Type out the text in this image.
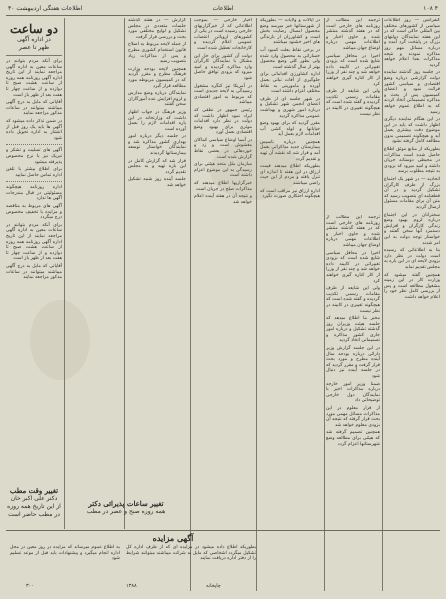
۴ ۱۰۸
اطلاعات
اطلاعات هفتگی اردیبهشت ۳۰

کنفرانس — روز اطلاعات سیاسی از کشورهای مختلف بین المللی حاکی است که در این هفته نمایندگان دولتهای بزرگ در پایتخت گرد آمده و درباره مسائل مهم روز مذاکره نمودند و نتیجه مذاکرات بعدا اعلام خواهد گردید

در جلسه روز گذشته نماینده دولت گزارشی درباره وضع اقتصادی و سیاسی کشور قرائت نمود و اعضای کمیسیون پس از بحث و مذاکره تصمیماتی اتخاذ کردند که به اطلاع عموم خواهد رسید

در این هنگام نماینده دیگری اظهار داشت که باید در این موضوع دقت بیشتری بعمل آید و هیچگونه تصمیمی بدون مطالعه کامل گرفته نشود

بطوریکه از منابع موثق اطلاع حاصل شده است مذاکرات در محیطی دوستانه جریان داشته و امید میرود که بزودی به نتیجه مطلوب برسد

اتحادیه — در شهر یک اجتماع بزرگ از طرف کارگران تشکیل گردید و در آن قطعنامه ای بتصویب رسید که متن آن برای مقامات مسئول ارسال گردید

سخنرانان در این اجتماع درباره لزوم بهبود وضع زندگی کارگران و افزایش دستمزد آنها سخن گفتند و خواستار توجه دولت به این امر شدند

بنا به اطلاعاتی که رسیده است دولت در نظر دارد بزودی لایحه ای در این باره به مجلس تقدیم نماید

همچنین گفته میشود که وزارت کار در این زمینه مشغول مطالعه است و پس از بررسی کامل نظر خود را اعلام خواهد داشت

ترجمه این مطالب از روزنامه های خارجی است که در هفته گذشته منتشر شده و حاوی اخبار و اطلاعات مهمی درباره اوضاع جهان میباشد

اخیرا در محافل سیاسی شایع شده است که بزودی تغییراتی در کابینه داده خواهد شد و چند نفر از وزرا از کار کناره گیری خواهند کرد

ولی این شایعه از طرف مقامات رسمی تکذیب گردیده و گفته شده است که هیچگونه تغییری در کابینه در نظر نیست

مخبر ما اطلاع میدهد که جلسه هیئت وزیران روز گذشته تشکیل و درباره امور جاری کشور مذاکره و تصمیماتی اتخاذ گردید

در این جلسه گزارش وزیر دارائی درباره بودجه سال آینده مطرح و مورد بحث قرار گرفت و مقرر گردید که در جلسه آینده نیز دنبال شود

ضمنا وزیر امور خارجه درباره مذاکرات اخیر با نمایندگان دول خارجی توضیحاتی داد

از قرار معلوم در این مذاکرات مسائل مهمی مورد بحث قرار گرفته که نتیجه آن بزودی معلوم خواهد شد

همچنین تصمیم گرفته شد که هیئتی برای مطالعه وضع شهرستانها اعزام گردد

ترجمه این مطالب از روزنامه های خارجی است که در هفته گذشته منتشر شده و حاوی اخبار و اطلاعات مهمی درباره اوضاع جهان میباشد

اخیرا در محافل سیاسی شایع شده است که بزودی تغییراتی در کابینه داده خواهد شد و چند نفر از وزرا از کار کناره گیری خواهند کرد

ولی این شایعه از طرف مقامات رسمی تکذیب گردیده و گفته شده است که هیچگونه تغییری در کابینه در نظر نیست

در ایالات و ولایات — بطوریکه از شهرستانها خبر میرسد وضع محصول امسال رضایت بخش است و کشاورزان از بارندگی های اخیر خشنود میباشند

در برخی نقاط بعلت کمبود آب خساراتی به محصول وارد شده ولی بطور کلی وضع محصول بهتر از سال گذشته است

اداره کشاورزی اقداماتی برای جلوگیری از آفات نباتی بعمل آورده و مامورینی به نقاط مختلف اعزام داشته است

در شهر جلسه ای از طرف اعضای انجمن شهر تشکیل و درباره امور شهری و بهداشت عمومی مذاکره گردید

مقرر گردید که برای بهبود وضع خیابانها و لوله کشی آب اقدامات لازم بعمل آید

همچنین درباره تاسیس بیمارستان جدید مذاکراتی بعمل آمد و قرار شد که نقشه آن تهیه و تقدیم گردد

بطوریکه اطلاع میدهند قیمت ارزاق در این هفته تا اندازه ای تنزل یافته و مردم از این حیث راضی میباشند

اداره ارزاق نیز مراقب است که هیچگونه احتکاری صورت نگیرد

اخبار خارجی — بموجب اطلاعاتی که از خبرگزاریهای خارجی رسیده است در یکی از کشورهای اروپائی اعتصاب عمومی اعلام گردیده و کارخانجات تعطیل شده است

دولت آن کشور برای حل این مشکل با نمایندگان کارگران وارد مذاکره گردیده و امید میرود که بزودی توافق حاصل شود

در آمریکا نیز کنگره مشغول رسیدگی به لایحه جدیدی است که مربوط به امور اقتصادی میباشد

رئیس جمهور در نطقی که ایراد نمود اظهار داشت که دولت در نظر دارد اقدامات موثری برای بهبود وضع اقتصادی بعمل آورد

در آسیا اوضاع سیاسی کماکان مغشوش است و زد و خوردهائی در بعضی نقاط گزارش شده است

سازمان ملل متحد هیئتی برای رسیدگی به این موضوع اعزام داشته است

خبرگزاریها اطلاع میدهند که مذاکرات صلح در جریان است

و نتیجه آن در هفته آینده اعلام خواهد شد

گزارش — در هفته گذشته جلسات متعددی در مجلس تشکیل و لوایح مختلفی مورد بحث و بررسی قرار گرفت

از جمله لایحه مربوط به اصلاح قانون استخدام کشوری مطرح و پس از مذاکرات زیاد بتصویب رسید

همچنین لایحه بودجه وزارت فرهنگ مطرح و مقرر گردید که در کمیسیون مربوطه مورد مطالعه قرار گیرد

نمایندگان درباره وضع مدارس و لزوم افزایش عده آموزگاران سخن گفتند

وزیر فرهنگ در جواب اظهار داشت که وزارتخانه در این باره اقدامات لازم را بعمل آورده است

در جلسه دیگر درباره امور بهداری کشور مذاکره شد و نمایندگان خواستار توسعه بیمارستانها گردیدند

قرار شد که گزارش کامل در این باره تهیه و به مجلس تقدیم گردد

جلسه آینده روز شنبه تشکیل خواهد شد

دو ساعت
در اداره آگهی
ظهر تا عصر

برای آنکه مردم بتوانند در ساعات معین به اداره آگهی مراجعه نمایند از این تاریخ اداره آگهی روزنامه همه روزه از ساعت هشت صبح تا دوازده و از ساعت چهار تا هفت بعد از ظهر باز است

آقایانی که مایل به درج آگهی میباشند میتوانند در ساعات مذکور مراجعه نمایند

در ضمن تذکر داده میشود که آگهی ها باید یک روز قبل از انتشار به اداره تحویل داده شود

آگهی های تسلیت و تشکر و تبریک نیز با نرخ مخصوص پذیرفته میشود

برای اطلاع بیشتر با تلفن اداره تماس حاصل نمایید

اداره روزنامه هیچگونه مسئولیتی در قبال مندرجات آگهی ها ندارد

آگهی های مربوط به مناقصه و مزایده با تخفیف مخصوص درج میگردد

برای آنکه مردم بتوانند در ساعات معین به اداره آگهی مراجعه نمایند از این تاریخ اداره آگهی روزنامه همه روزه از ساعت هشت صبح تا دوازده و از ساعت چهار تا هفت بعد از ظهر باز است

آقایانی که مایل به درج آگهی میباشند میتوانند در ساعات مذکور مراجعه نمایند

تغییر وقت مطب
دکتر علی اکبر خان
از این تاریخ همه روزه در مطب حاضر است
تغییر ساعات پذیرائی دکتر
همه روزه صبح و عصر در مطب
آگهی مزایده
بطوریکه اطلاع داده میشود در مزایده ای که از طرف اداره کل تشکیل میگردد اشخاصی که مایل به شرکت میباشند میتوانند شرایط را از دفتر اداره دریافت نمایند
به اطلاع عموم میرساند که مزایده در روز معین در محل اداره انجام میگیرد و پیشنهادات باید قبل از موعد تسلیم شود
۳۰۰	۱۳۸۸	چاپخانه
